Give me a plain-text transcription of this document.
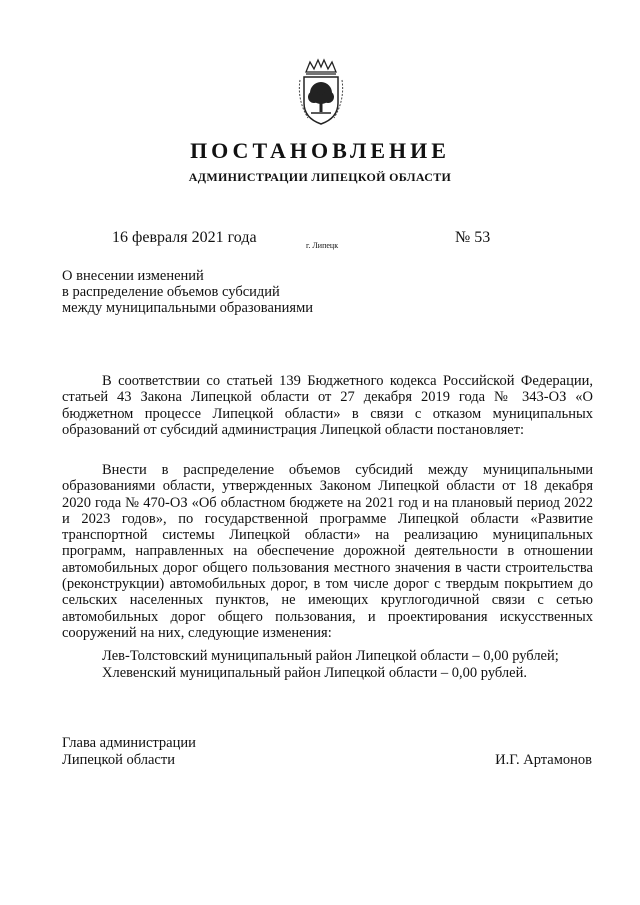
ПОСТАНОВЛЕНИЕ
АДМИНИСТРАЦИИ ЛИПЕЦКОЙ ОБЛАСТИ
16 февраля 2021 года	г. Липецк	№ 53
О внесении изменений
в распределение объемов субсидий
между муниципальными образованиями

В соответствии со статьей 139 Бюджетного кодекса Российской Федерации, статьей 43 Закона Липецкой области от 27 декабря 2019 года № 343-ОЗ «О бюджетном процессе Липецкой области» в связи с отказом муниципальных образований от субсидий администрация Липецкой области постановляет:

Внести в распределение объемов субсидий между муниципальными образованиями области, утвержденных Законом Липецкой области от 18 декабря 2020 года № 470-ОЗ «Об областном бюджете на 2021 год и на плановый период 2022 и 2023 годов», по государственной программе Липецкой области «Развитие транспортной системы Липецкой области» на реализацию муниципальных программ, направленных на обеспечение дорожной деятельности в отношении автомобильных дорог общего пользования местного значения в части строительства (реконструкции) автомобильных дорог, в том числе дорог с твердым покрытием до сельских населенных пунктов, не имеющих круглогодичной связи с сетью автомобильных дорог общего пользования, и проектирования искусственных сооружений на них, следующие изменения:

Лев-Толстовский муниципальный район Липецкой области – 0,00 рублей;
Хлевенский муниципальный район Липецкой области – 0,00 рублей.
Глава администрации
Липецкой области	И.Г. Артамонов
